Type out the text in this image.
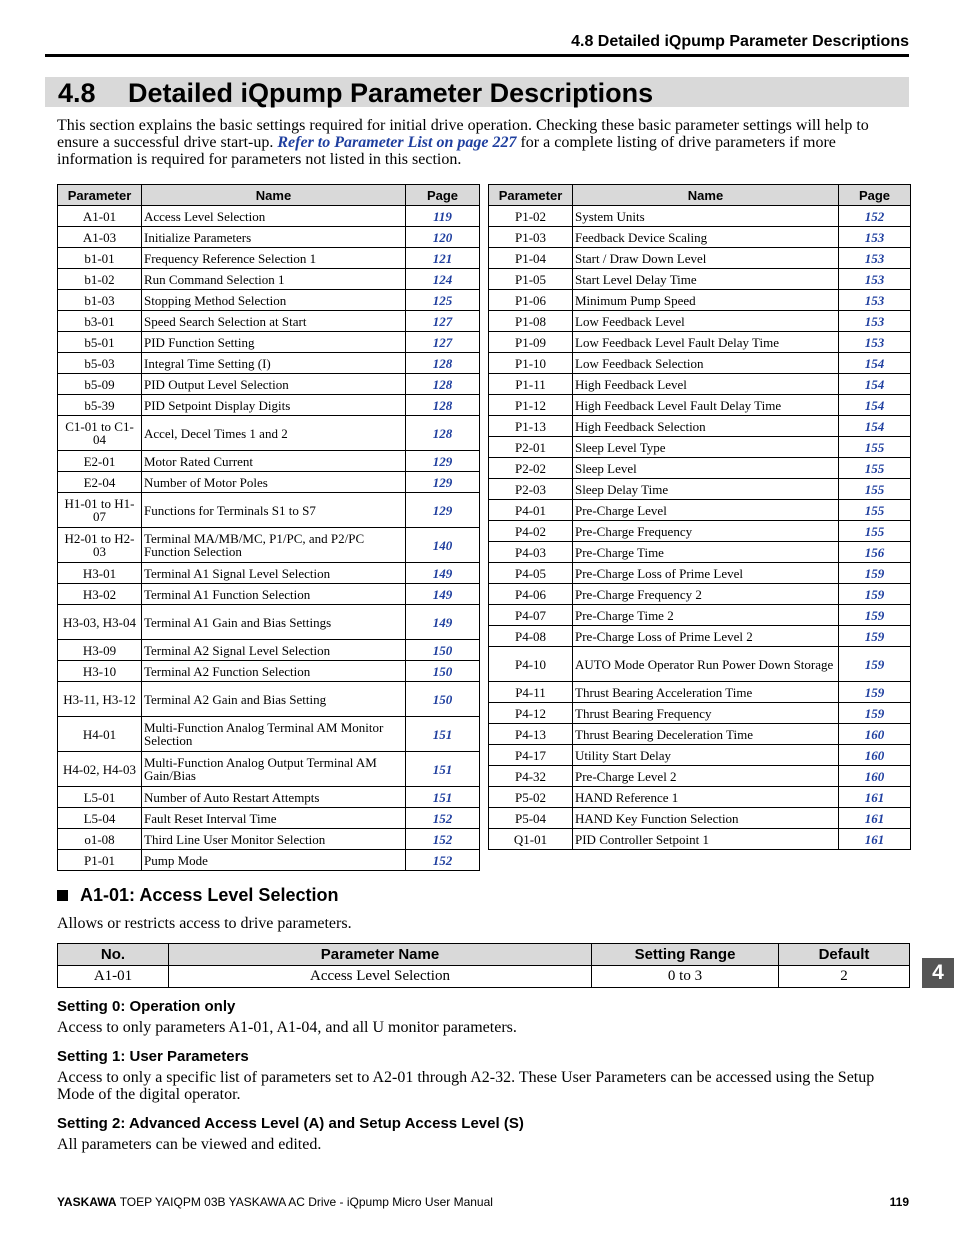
4.8 Detailed iQpump Parameter Descriptions
4.8 Detailed iQpump Parameter Descriptions
This section explains the basic settings required for initial drive operation. Checking these basic parameter settings will help to ensure a successful drive start-up. Refer to Parameter List on page 227 for a complete listing of drive parameters if more information is required for parameters not listed in this section.
Parameter	Name	Page
A1-01	Access Level Selection	119
A1-03	Initialize Parameters	120
b1-01	Frequency Reference Selection 1	121
b1-02	Run Command Selection 1	124
b1-03	Stopping Method Selection	125
b3-01	Speed Search Selection at Start	127
b5-01	PID Function Setting	127
b5-03	Integral Time Setting (I)	128
b5-09	PID Output Level Selection	128
b5-39	PID Setpoint Display Digits	128
C1-01 to C1-04	Accel, Decel Times 1 and 2	128
E2-01	Motor Rated Current	129
E2-04	Number of Motor Poles	129
H1-01 to H1-07	Functions for Terminals S1 to S7	129
H2-01 to H2-03	Terminal MA/MB/MC, P1/PC, and P2/PC Function Selection	140
H3-01	Terminal A1 Signal Level Selection	149
H3-02	Terminal A1 Function Selection	149
H3-03, H3-04	Terminal A1 Gain and Bias Settings	149
H3-09	Terminal A2 Signal Level Selection	150
H3-10	Terminal A2 Function Selection	150
H3-11, H3-12	Terminal A2 Gain and Bias Setting	150
H4-01	Multi-Function Analog Terminal AM Monitor Selection	151
H4-02, H4-03	Multi-Function Analog Output Terminal AM Gain/Bias	151
L5-01	Number of Auto Restart Attempts	151
L5-04	Fault Reset Interval Time	152
o1-08	Third Line User Monitor Selection	152
P1-01	Pump Mode	152
Parameter	Name	Page
P1-02	System Units	152
P1-03	Feedback Device Scaling	153
P1-04	Start / Draw Down Level	153
P1-05	Start Level Delay Time	153
P1-06	Minimum Pump Speed	153
P1-08	Low Feedback Level	153
P1-09	Low Feedback Level Fault Delay Time	153
P1-10	Low Feedback Selection	154
P1-11	High Feedback Level	154
P1-12	High Feedback Level Fault Delay Time	154
P1-13	High Feedback Selection	154
P2-01	Sleep Level Type	155
P2-02	Sleep Level	155
P2-03	Sleep Delay Time	155
P4-01	Pre-Charge Level	155
P4-02	Pre-Charge Frequency	155
P4-03	Pre-Charge Time	156
P4-05	Pre-Charge Loss of Prime Level	159
P4-06	Pre-Charge Frequency 2	159
P4-07	Pre-Charge Time 2	159
P4-08	Pre-Charge Loss of Prime Level 2	159
P4-10	AUTO Mode Operator Run Power Down Storage	159
P4-11	Thrust Bearing Acceleration Time	159
P4-12	Thrust Bearing Frequency	159
P4-13	Thrust Bearing Deceleration Time	160
P4-17	Utility Start Delay	160
P4-32	Pre-Charge Level 2	160
P5-02	HAND Reference 1	161
P5-04	HAND Key Function Selection	161
Q1-01	PID Controller Setpoint 1	161
A1-01: Access Level Selection
Allows or restricts access to drive parameters.
No.	Parameter Name	Setting Range	Default
A1-01	Access Level Selection	0 to 3	2
Setting 0: Operation only
Access to only parameters A1-01, A1-04, and all U monitor parameters.
Setting 1: User Parameters
Access to only a specific list of parameters set to A2-01 through A2-32. These User Parameters can be accessed using the Setup Mode of the digital operator.
Setting 2: Advanced Access Level (A) and Setup Access Level (S)
All parameters can be viewed and edited.

4
YASKAWA TOEP YAIQPM 03B YASKAWA AC Drive - iQpump Micro User Manual	119
